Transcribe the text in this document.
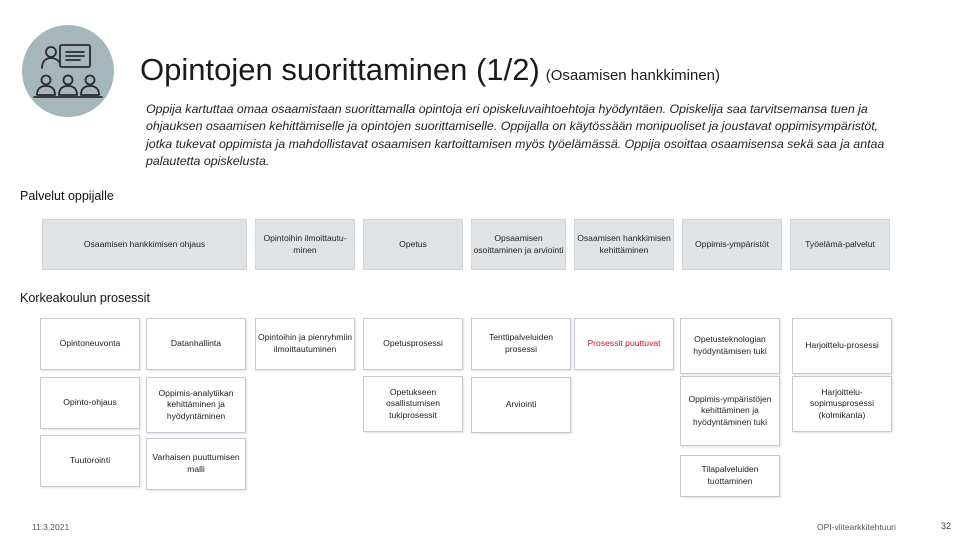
Opintojen suorittaminen (1/2) (Osaamisen hankkiminen)
Oppija kartuttaa omaa osaamistaan suorittamalla opintoja eri opiskeluvaihtoehtoja hyödyntäen. Opiskelija saa tarvitsemansa tuen ja ohjauksen osaamisen kehittämiselle ja opintojen suorittamiselle. Oppijalla on käytössään monipuoliset ja joustavat oppimisympäristöt, jotka tukevat oppimista ja mahdollistavat osaamisen kartoittamisen myös työelämässä. Oppija osoittaa osaamisensa sekä saa ja antaa palautetta opiskelusta.
Palvelut oppijalle
Osaamisen hankkimisen ohjaus
Opintoihin ilmoittautu-minen
Opetus
Opsaamisen osoittaminen ja arviointi
Osaamisen hankkimisen kehittäminen
Oppimis-ympäristöt	Työelämä-palvelut
Korkeakoulun prosessit
Opintoneuvonta
Opinto-ohjaus
Tuutorointi
Datanhallinta
Oppimis-analytiikan kehittäminen ja hyödyntäminen
Varhaisen puuttumisen malli
Opintoihin ja pienryhmiin ilmoittautuminen
Opetusprosessi
Opetukseen osallistumisen tukiprosessit
Tenttipalveluiden prosessi
Arviointi
Prosessit puuttuvat	Opetusteknologian hyödyntämisen tuki
Oppimis-ympäristöjen kehittäminen ja hyödyntäminen tuki
Tilapalveluiden tuottaminen
Harjoittelu-prosessi
Harjoittelu-sopimusprosessi (kolmikanta)
11.3.2021	OPI-viitearkkitehtuuri	32
